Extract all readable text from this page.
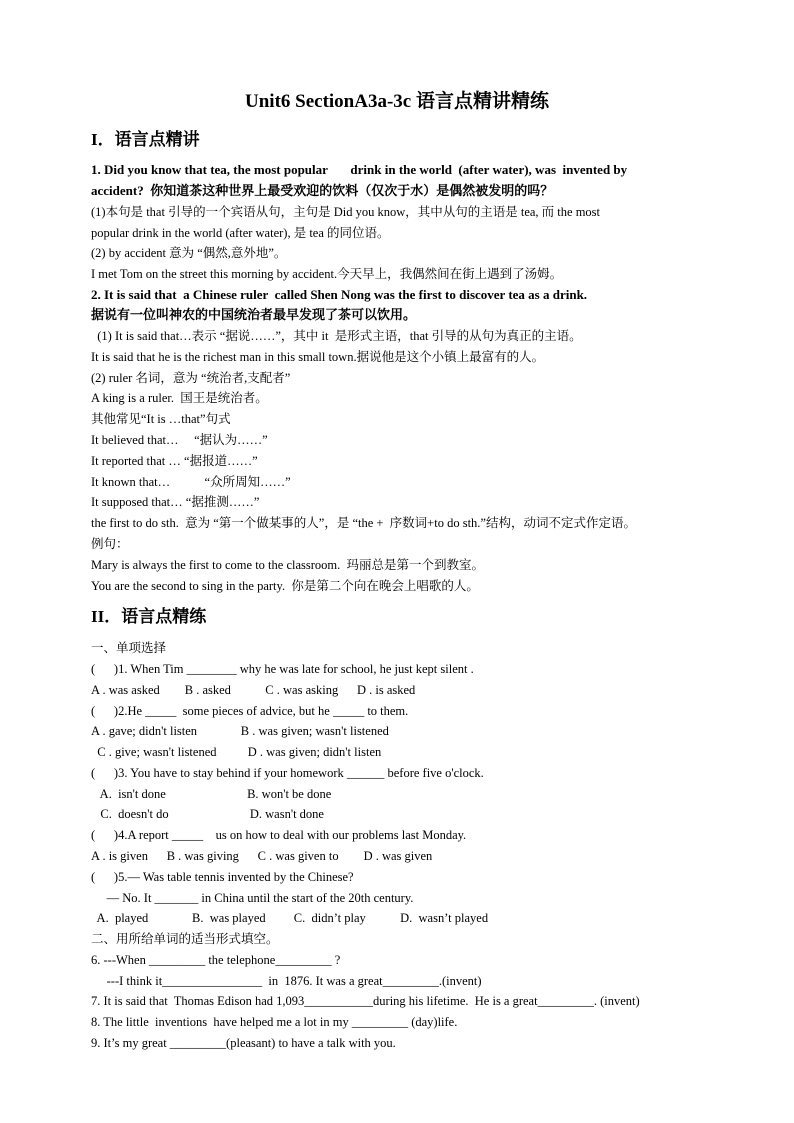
Unit6 SectionA3a-3c 语言点精讲精练
I．语言点精讲
1. Did you know that tea, the most popular       drink in the world  (after water), was  invented by
accident?  你知道茶这种世界上最受欢迎的饮料（仅次于水）是偶然被发明的吗？
(1)本句是 that 引导的一个宾语从句，主句是 Did you know，其中从句的主语是 tea, 而 the most
popular drink in the world (after water), 是 tea 的同位语。
(2) by accident 意为 “偶然,意外地”。
I met Tom on the street this morning by accident.今天早上，我偶然间在街上遇到了汤姆。
2. It is said that  a Chinese ruler  called Shen Nong was the first to discover tea as a drink.
据说有一位叫神农的中国统治者最早发现了茶可以饮用。
(1) It is said that…表示 “据说……”，其中 it  是形式主语，that 引导的从句为真正的主语。
It is said that he is the richest man in this small town.据说他是这个小镇上最富有的人。
(2) ruler 名词，意为 “统治者,支配者”
A king is a ruler.  国王是统治者。
其他常见“It is …that”句式
It believed that…     “据认为……”
It reported that … “据报道……”
It known that…           “众所周知……”
It supposed that… “据推测……”
the first to do sth.  意为 “第一个做某事的人”，是 “the +  序数词+to do sth.”结构，动词不定式作定语。
例句：
Mary is always the first to come to the classroom.  玛丽总是第一个到教室。
You are the second to sing in the party.  你是第二个向在晚会上唱歌的人。
II．语言点精练
一、单项选择
(      )1. When Tim ________ why he was late for school, he just kept silent .
A . was asked        B . asked           C . was asking      D . is asked
(      )2.He _____  some pieces of advice, but he _____ to them.
A . gave; didn't listen              B . was given; wasn't listened
C . give; wasn't listened          D . was given; didn't listen
(      )3. You have to stay behind if your homework ______ before five o'clock.
A.  isn't done                          B. won't be done
C.  doesn't do                          D. wasn't done
(      )4.A report _____    us on how to deal with our problems last Monday.
A . is given      B . was giving      C . was given to        D . was given
(      )5.— Was table tennis invented by the Chinese?
— No. It _______ in China until the start of the 20th century.
A.  played              B.  was played         C.  didn’t play           D.  wasn’t played
二、用所给单词的适当形式填空。
6. ---When _________ the telephone_________ ?
---I think it________________  in  1876. It was a great_________.(invent)
7. It is said that  Thomas Edison had 1,093___________during his lifetime.  He is a great_________. (invent)
8. The little  inventions  have helped me a lot in my _________ (day)life.
9. It’s my great _________(pleasant) to have a talk with you.
